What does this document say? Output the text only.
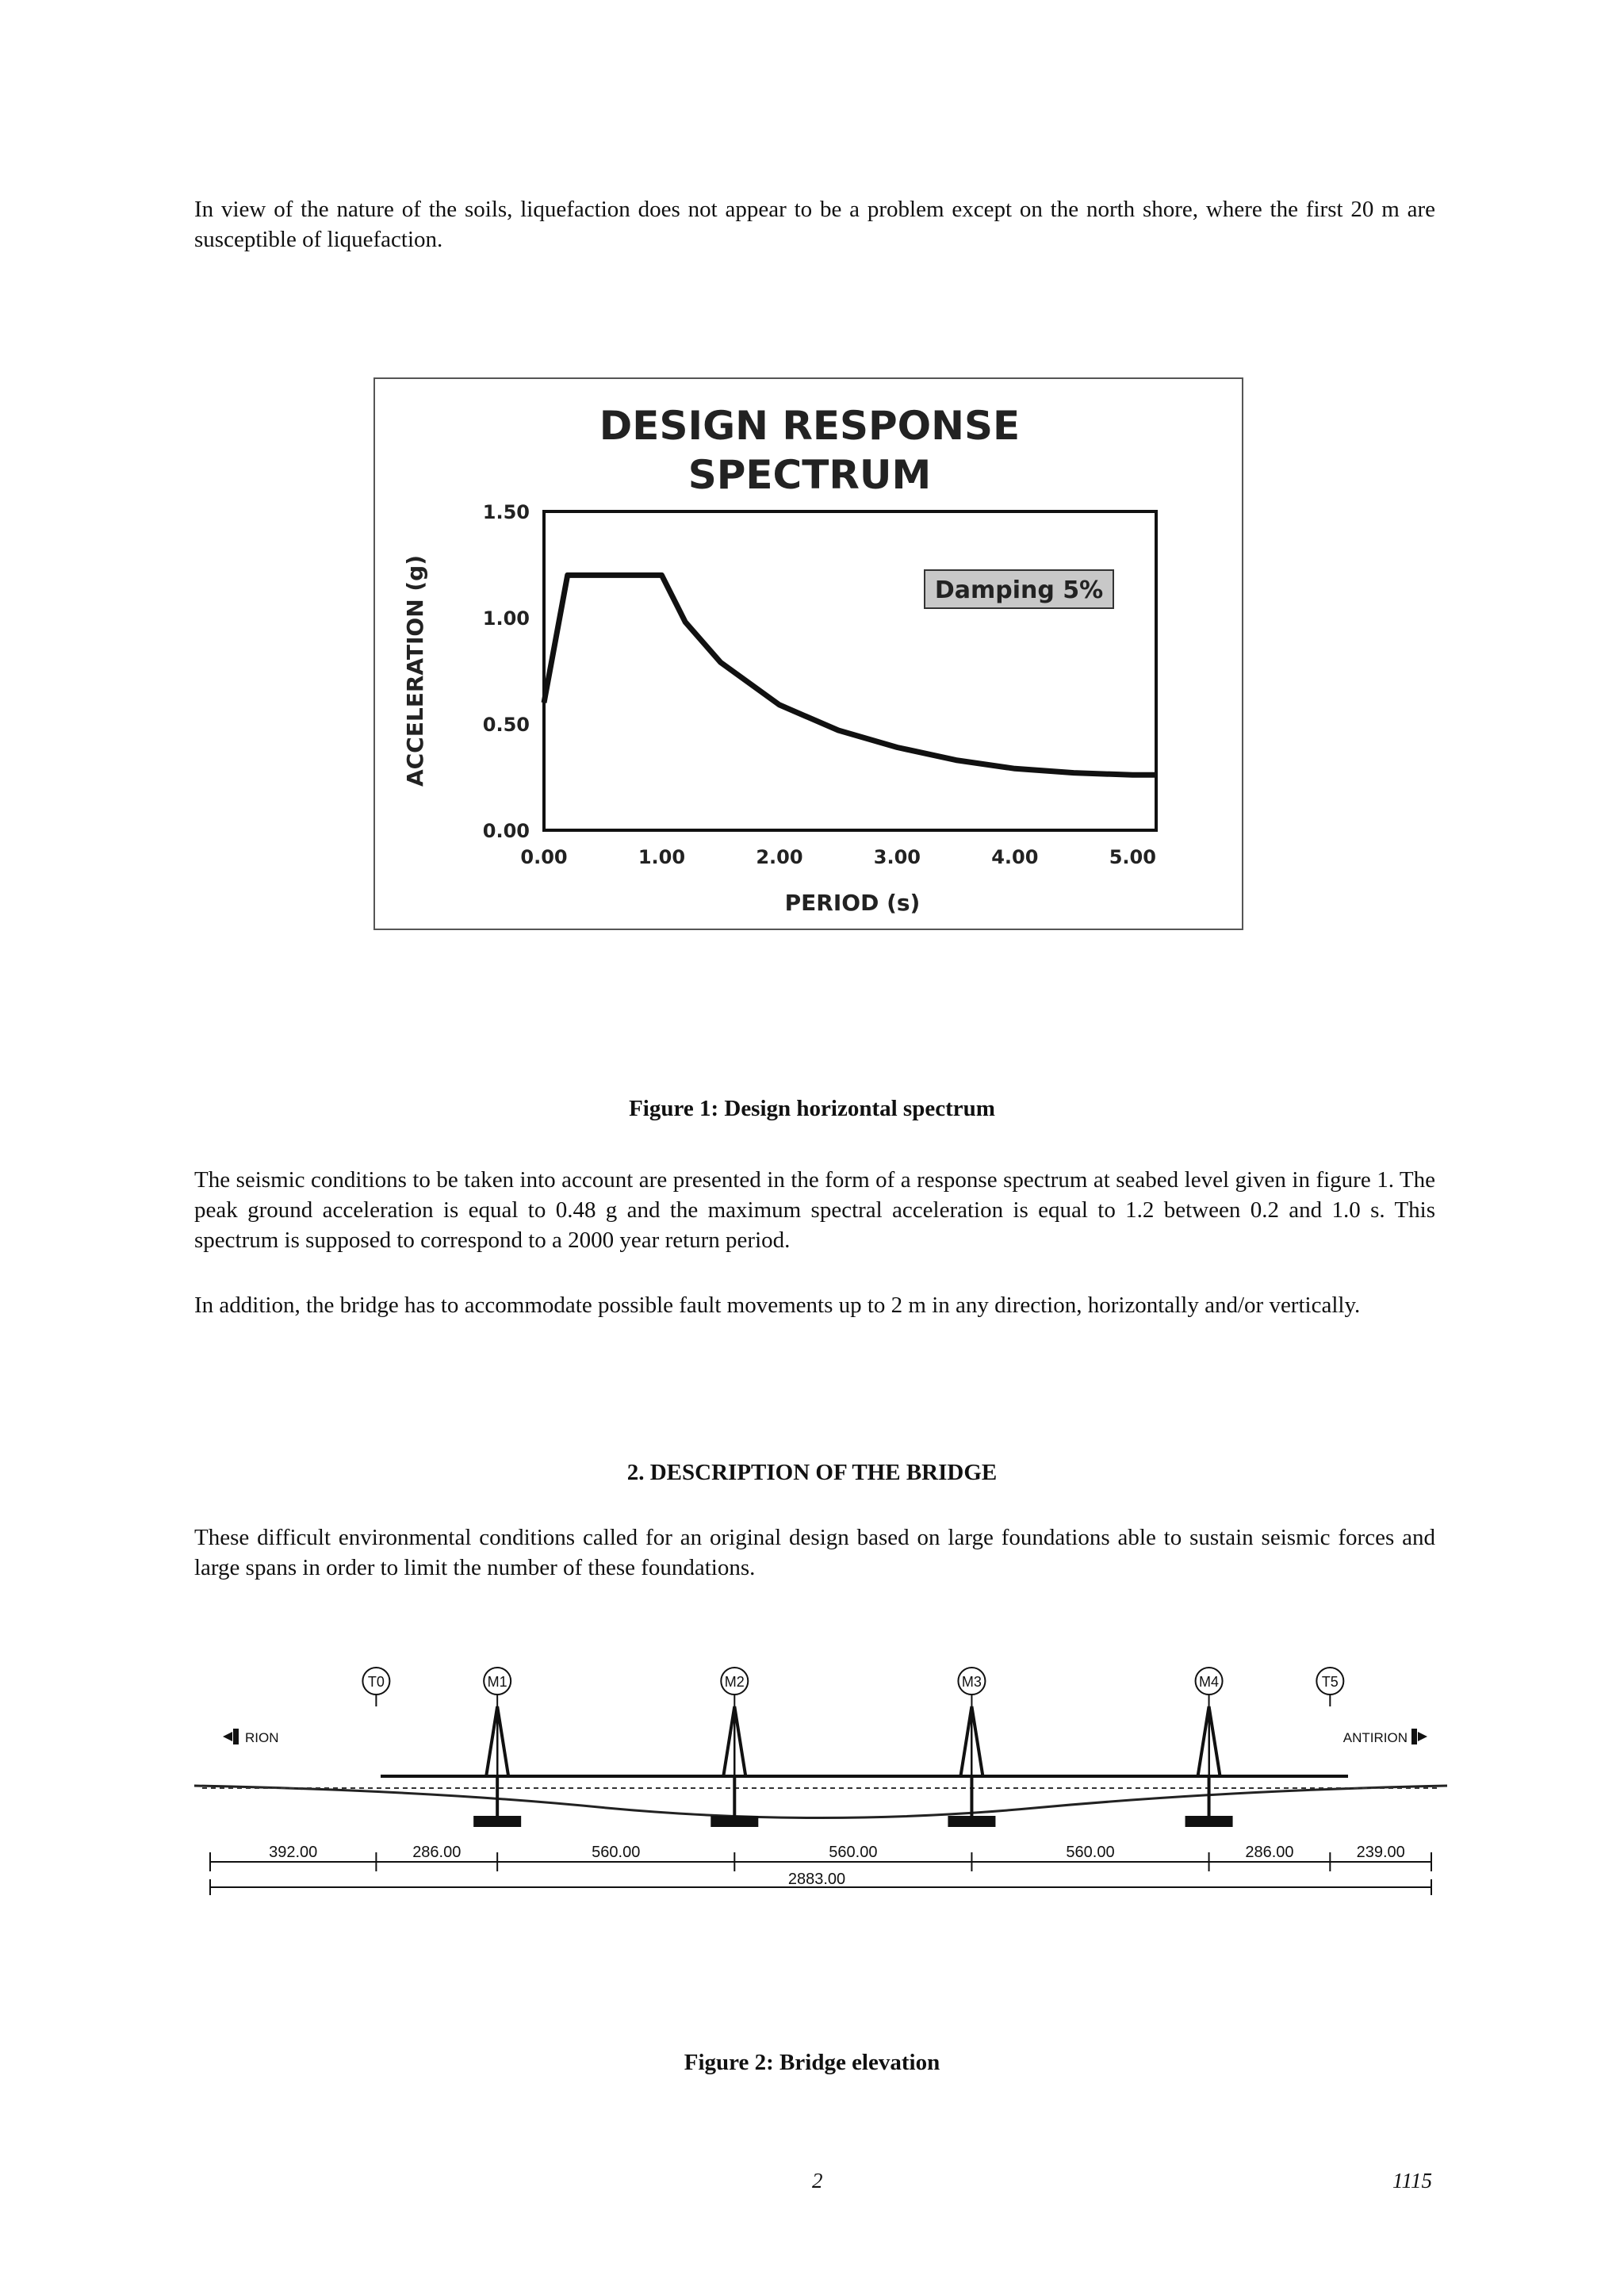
In view of the nature of the soils, liquefaction does not appear to be a problem except on the north shore, where the first 20 m are susceptible of liquefaction.

DESIGN RESPONSE
SPECTRUM
0.00
0.50
1.00
1.50
0.00	1.00	2.00	3.00	4.00	5.00
ACCELERATION (g)
PERIOD (s)
Damping 5%

Figure 1: Design horizontal spectrum

The seismic conditions to be taken into account are presented in the form of a response spectrum at seabed level given in figure 1. The peak ground acceleration is equal to 0.48 g and the maximum spectral acceleration is equal to 1.2 between 0.2 and 1.0 s. This spectrum is supposed to correspond to a 2000 year return period.

In addition, the bridge has to accommodate possible fault movements up to 2 m in any direction, horizontally and/or vertically.

2. DESCRIPTION OF THE BRIDGE

These difficult environmental conditions called for an original design based on large foundations able to sustain seismic forces and large spans in order to limit the number of these foundations.

T0	M1	M2	M3	M4	T5
RION	ANTIRION
392.00	286.00	560.00	560.00	560.00	286.00	239.00
2883.00

Figure 2: Bridge elevation

2	1115
